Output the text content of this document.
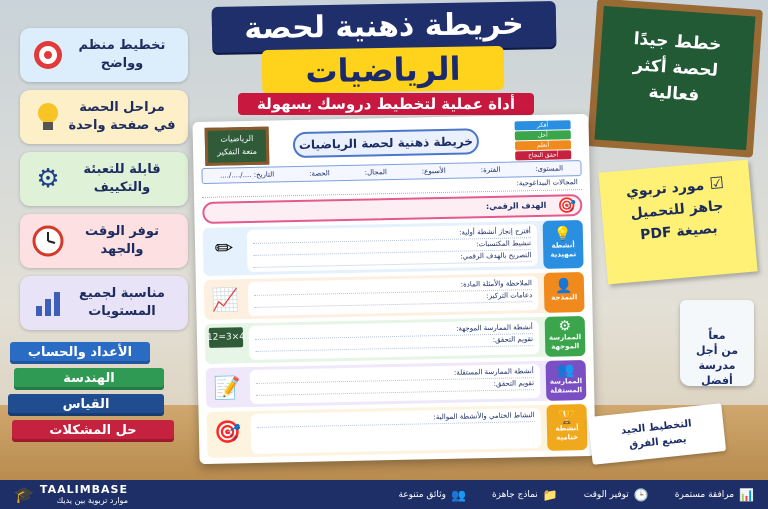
خريطة ذهنية لحصة
الرياضيات
أداة عملية لتخطيط دروسك بسهولة
خطط جيدًا
لحصة أكثر
فعالية
☑ مورد تربوي
جاهز للتحميل
بصيغة PDF
تخطيط منظم
وواضح
مراحل الحصة
في صفحة واحدة
قابلة للتعبئة
والتكييف
⚙
توفر الوقت
والجهد
مناسبة لجميع
المستويات
الأعداد والحساب
الهندسة
القياس
حل المشكلات
الرياضيات
متعة التفكير	خريطة ذهنية لحصة الرياضيات
أفكر
أحل
أتعلم
أحقق النجاح
المستوى:
الفترة:
الأسبوع:
المجال:
الحصة:
التاريخ: ..../..../....
المجالات البيداغوجية:
🎯
الهدف الرقمي:
💡
أنشطة
تمهيدية
أقترح إنجاز أنشطة أولية:
تنشيط المكتسبات:
التصريح بالهدف الرقمي:
✏
👤
النمذجة
الملاحظة والأمثلة المادة:
دعامات التركيز:
📈
⚙
الممارسة
الموجهة
أنشطة الممارسة الموجهة:
تقويم التحقق:
4×3=12
👥
الممارسة
المستقلة
أنشطة الممارسة المستقلة:
تقويم التحقق:
📝
🏆
أنشطة
ختامية
النشاط الختامي والأنشطة الموالية:
🎯
معاً
من أجل مدرسة
أفضل
التخطيط الجيد
يصنع الفرق
🎓 TAALIMBASE
موارد تربوية بين يديك	📊
مرافقة مستمرة
🕒
توفير الوقت
📁
نماذج جاهزة
👥
وثائق متنوعة
